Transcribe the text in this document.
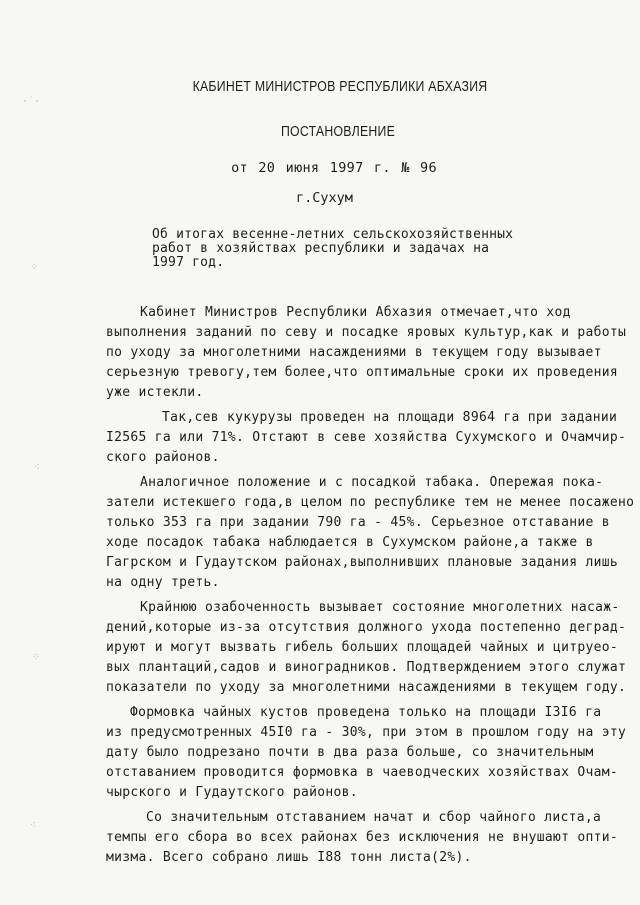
КАБИНЕТ МИНИСТРОВ РЕСПУБЛИКИ АБХАЗИЯ
ПОСТАНОВЛЕНИЕ
от 20 июня 1997 г. № 96
г.Сухум
Об итогах весенне-летних сельскохозяйственных
работ в хозяйствах республики и задачах на
1997 год.
Кабинет Министров Республики Абхазия отмечает,что ход
выполнения заданий по севу и посадке яровых культур,как и работы
по уходу за многолетними насаждениями в текущем году вызывает
серьезную тревогу,тем более,что оптимальные сроки их проведения
уже истекли.
Так,сев кукурузы проведен на площади 8964 га при задании
I2565 га или 71%. Отстают в севе хозяйства Сухумского и Очамчир-
ского районов.
Аналогичное положение и с посадкой табака. Опережая пока-
затели истекшего года,в целом по республике тем не менее посажено
только 353 га при задании 790 га - 45%. Серьезное отставание в
ходе посадок табака наблюдается в Сухумском районе,а также в
Гагрском и Гудаутском районах,выполнивших плановые задания лишь
на одну треть.
Крайнюю озабоченность вызывает состояние многолетних насаж-
дений,которые из-за отсутствия должного ухода постепенно деград-
ируют и могут вызвать гибель больших площадей чайных и цитруео-
вых плантаций,садов и виноградников. Подтверждением этого служат
показатели по уходу за многолетними насаждениями в текущем году.
Формовка чайных кустов проведена только на площади I3I6 га
из предусмотренных 45I0 га - 30%, при этом в прошлом году на эту
дату было подрезано почти в два раза больше, со значительным
отставанием проводится формовка в чаеводческих хозяйствах Очам-
чырского и Гудаутского районов.
Со значительным отставанием начат и сбор чайного листа,а
темпы его сбора во всех районах без исключения не внушают опти-
мизма. Всего собрано лишь I88 тонн листа(2%).
·˙·
⁘
⁖
⁘
⁖
